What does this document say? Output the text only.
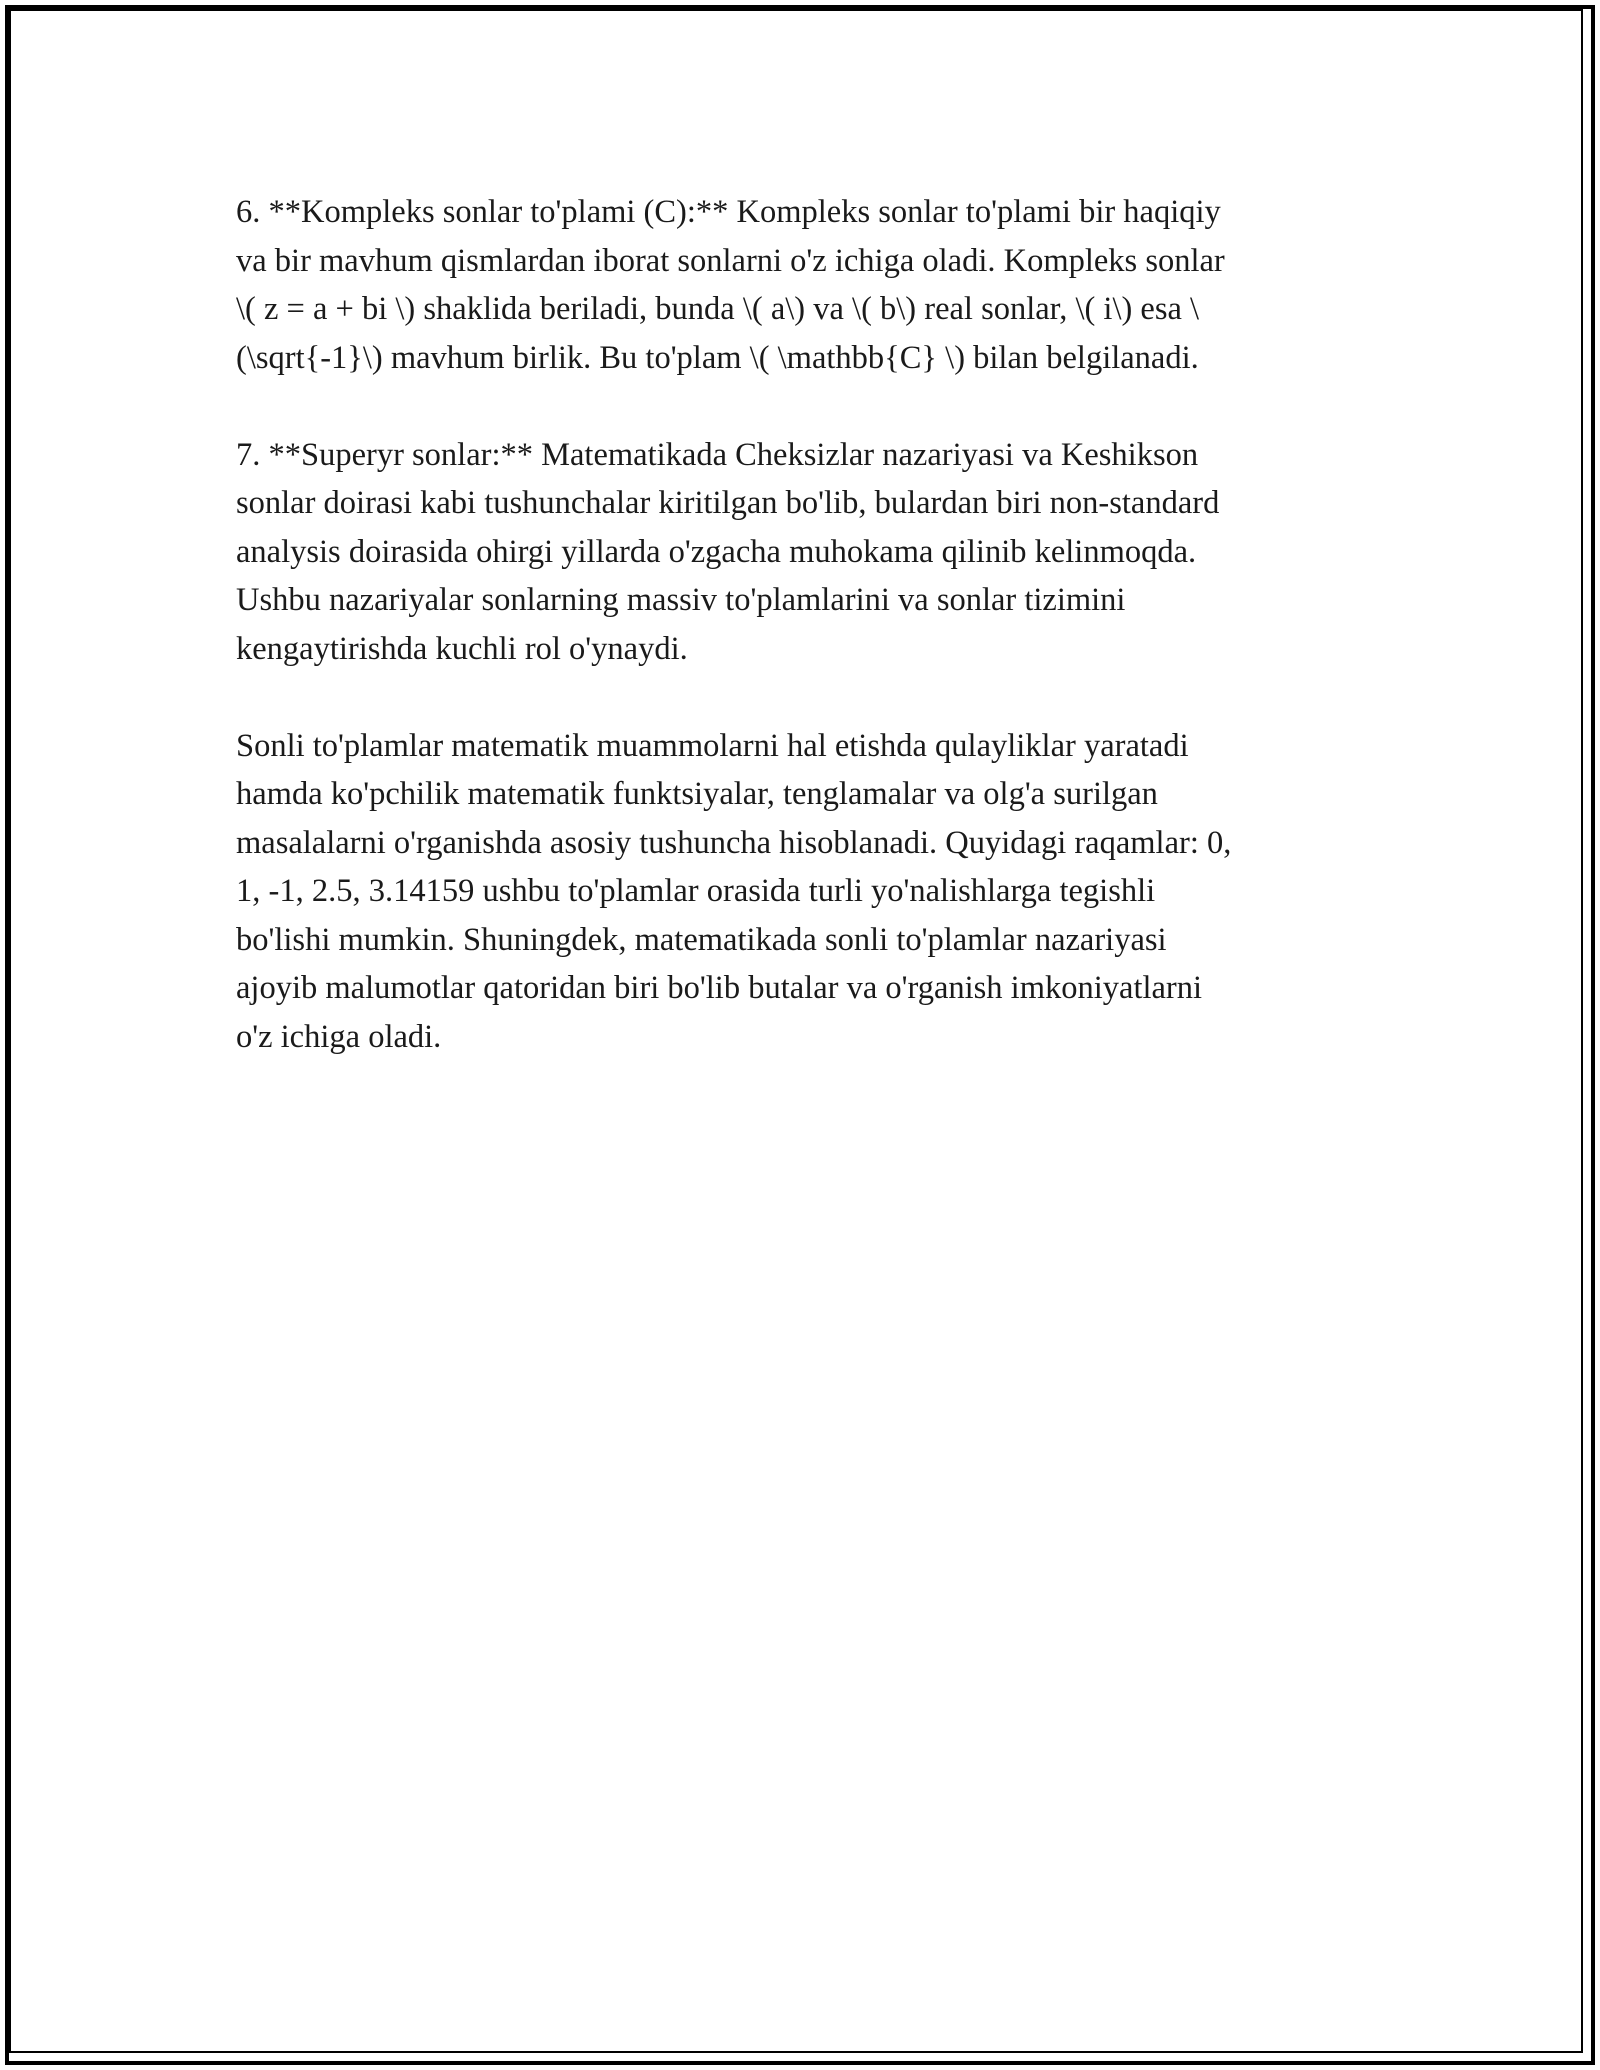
6. **Kompleks sonlar to'plami (C):** Kompleks sonlar to'plami bir haqiqiy
va bir mavhum qismlardan iborat sonlarni o'z ichiga oladi. Kompleks sonlar
\( z = a + bi \) shaklida beriladi, bunda \( a\) va \( b\) real sonlar, \( i\) esa \
(\sqrt{-1}\) mavhum birlik. Bu to'plam \( \mathbb{C} \) bilan belgilanadi.

7. **Superyr sonlar:** Matematikada Cheksizlar nazariyasi va Keshikson
sonlar doirasi kabi tushunchalar kiritilgan bo'lib, bulardan biri non-standard
analysis doirasida ohirgi yillarda o'zgacha muhokama qilinib kelinmoqda.
Ushbu nazariyalar sonlarning massiv to'plamlarini va sonlar tizimini
kengaytirishda kuchli rol o'ynaydi.

Sonli to'plamlar matematik muammolarni hal etishda qulayliklar yaratadi
hamda ko'pchilik matematik funktsiyalar, tenglamalar va olg'a surilgan
masalalarni o'rganishda asosiy tushuncha hisoblanadi. Quyidagi raqamlar: 0,
1, -1, 2.5, 3.14159 ushbu to'plamlar orasida turli yo'nalishlarga tegishli
bo'lishi mumkin. Shuningdek, matematikada sonli to'plamlar nazariyasi
ajoyib malumotlar qatoridan biri bo'lib butalar va o'rganish imkoniyatlarni
o'z ichiga oladi.
